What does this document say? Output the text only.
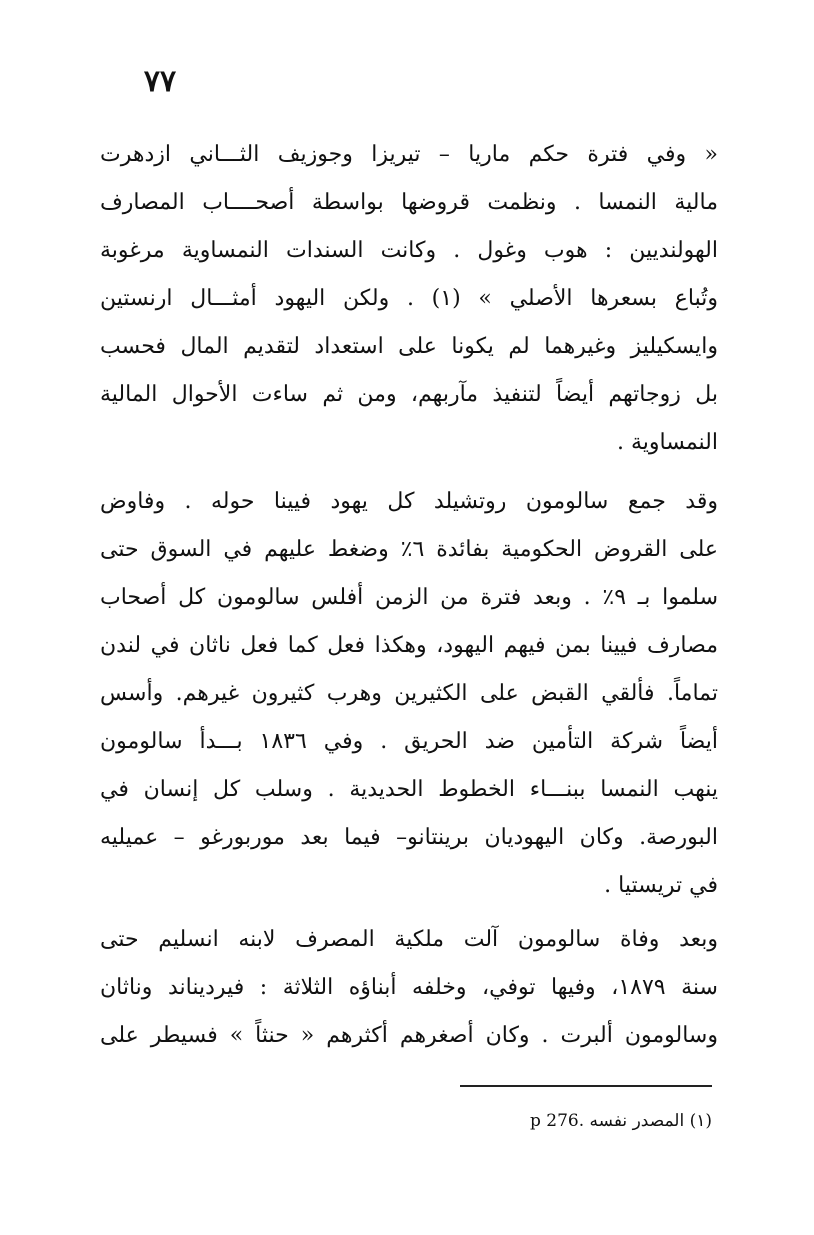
٧٧
« وفي فترة حكم ماريا – تيريزا وجوزيف الثـــاني ازدهرت
مالية النمسا . ونظمت قروضها بواسطة أصحــــاب المصارف
الهولنديين : هوب وغول . وكانت السندات النمساوية مرغوبة
وتُباع بسعرها الأصلي » (١) . ولكن اليهود أمثـــال ارنستين
وايسكيليز وغيرهما لم يكونا على استعداد لتقديم المال فحسب
بل زوجاتهم أيضاً لتنفيذ مآربهم، ومن ثم ساءت الأحوال المالية
النمساوية .
وقد جمع سالومون روتشيلد كل يهود فيينا حوله . وفاوض
على القروض الحكومية بفائدة ٦٪ وضغط عليهم في السوق حتى
سلموا بـ ٩٪ . وبعد فترة من الزمن أفلس سالومون كل أصحاب
مصارف فيينا بمن فيهم اليهود، وهكذا فعل كما فعل ناثان في لندن
تماماً. فألقي القبض على الكثيرين وهرب كثيرون غيرهم. وأسس
أيضاً شركة التأمين ضد الحريق . وفي ١٨٣٦ بـــدأ سالومون
ينهب النمسا ببنـــاء الخطوط الحديدية . وسلب كل إنسان في
البورصة. وكان اليهوديان برينتانو– فيما بعد موربورغو – عميليه
في تريستيا .
وبعد وفاة سالومون آلت ملكية المصرف لابنه انسليم حتى
سنة ١٨٧٩، وفيها توفي، وخلفه أبناؤه الثلاثة : فيرديناند وناثان
وسالومون ألبرت . وكان أصغرهم أكثرهم « حنثاً » فسيطر على
(١) المصدر نفسه .p 276
